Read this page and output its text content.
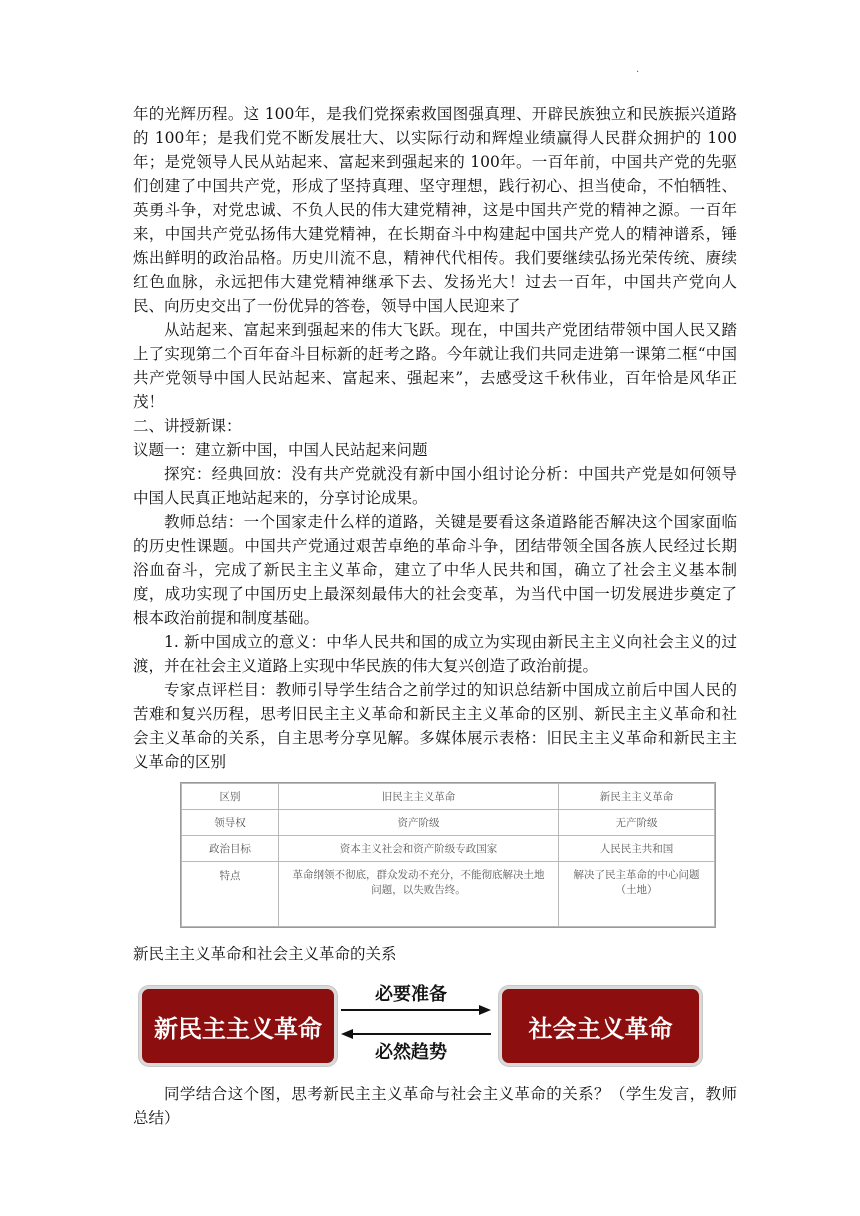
.

年的光辉历程。这 100年，是我们党探索救国图强真理、开辟民族独立和民族振兴道路的 100年；是我们党不断发展壮大、以实际行动和辉煌业绩赢得人民群众拥护的 100年；是党领导人民从站起来、富起来到强起来的 100年。一百年前，中国共产党的先驱们创建了中国共产党，形成了坚持真理、坚守理想，践行初心、担当使命，不怕牺牲、英勇斗争，对党忠诚、不负人民的伟大建党精神，这是中国共产党的精神之源。一百年来，中国共产党弘扬伟大建党精神，在长期奋斗中构建起中国共产党人的精神谱系，锤炼出鲜明的政治品格。历史川流不息，精神代代相传。我们要继续弘扬光荣传统、赓续红色血脉，永远把伟大建党精神继承下去、发扬光大！过去一百年，中国共产党向人民、向历史交出了一份优异的答卷，领导中国人民迎来了

从站起来、富起来到强起来的伟大飞跃。现在，中国共产党团结带领中国人民又踏上了实现第二个百年奋斗目标新的赶考之路。今年就让我们共同走进第一课第二框“中国共产党领导中国人民站起来、富起来、强起来”，去感受这千秋伟业，百年恰是风华正茂！

二、讲授新课：

议题一：建立新中国，中国人民站起来问题

探究：经典回放：没有共产党就没有新中国小组讨论分析：中国共产党是如何领导中国人民真正地站起来的，分享讨论成果。

教师总结：一个国家走什么样的道路，关键是要看这条道路能否解决这个国家面临的历史性课题。中国共产党通过艰苦卓绝的革命斗争，团结带领全国各族人民经过长期浴血奋斗，完成了新民主主义革命，建立了中华人民共和国，确立了社会主义基本制度，成功实现了中国历史上最深刻最伟大的社会变革，为当代中国一切发展进步奠定了根本政治前提和制度基础。

1. 新中国成立的意义：中华人民共和国的成立为实现由新民主主义向社会主义的过渡，并在社会主义道路上实现中华民族的伟大复兴创造了政治前提。

专家点评栏目：教师引导学生结合之前学过的知识总结新中国成立前后中国人民的苦难和复兴历程，思考旧民主主义革命和新民主主义革命的区别、新民主主义革命和社会主义革命的关系，自主思考分享见解。多媒体展示表格：旧民主主义革命和新民主主义革命的区别

区别	旧民主主义革命	新民主主义革命
领导权	资产阶级	无产阶级
政治目标	资本主义社会和资产阶级专政国家	人民民主共和国
特点	革命纲领不彻底，群众发动不充分，不能彻底解决土地问题，以失败告终。	解决了民主革命的中心问题（土地）

新民主主义革命和社会主义革命的关系

新民主主义革命
必要准备
必然趋势
社会主义革命

同学结合这个图，思考新民主主义革命与社会主义革命的关系？（学生发言，教师总结）
